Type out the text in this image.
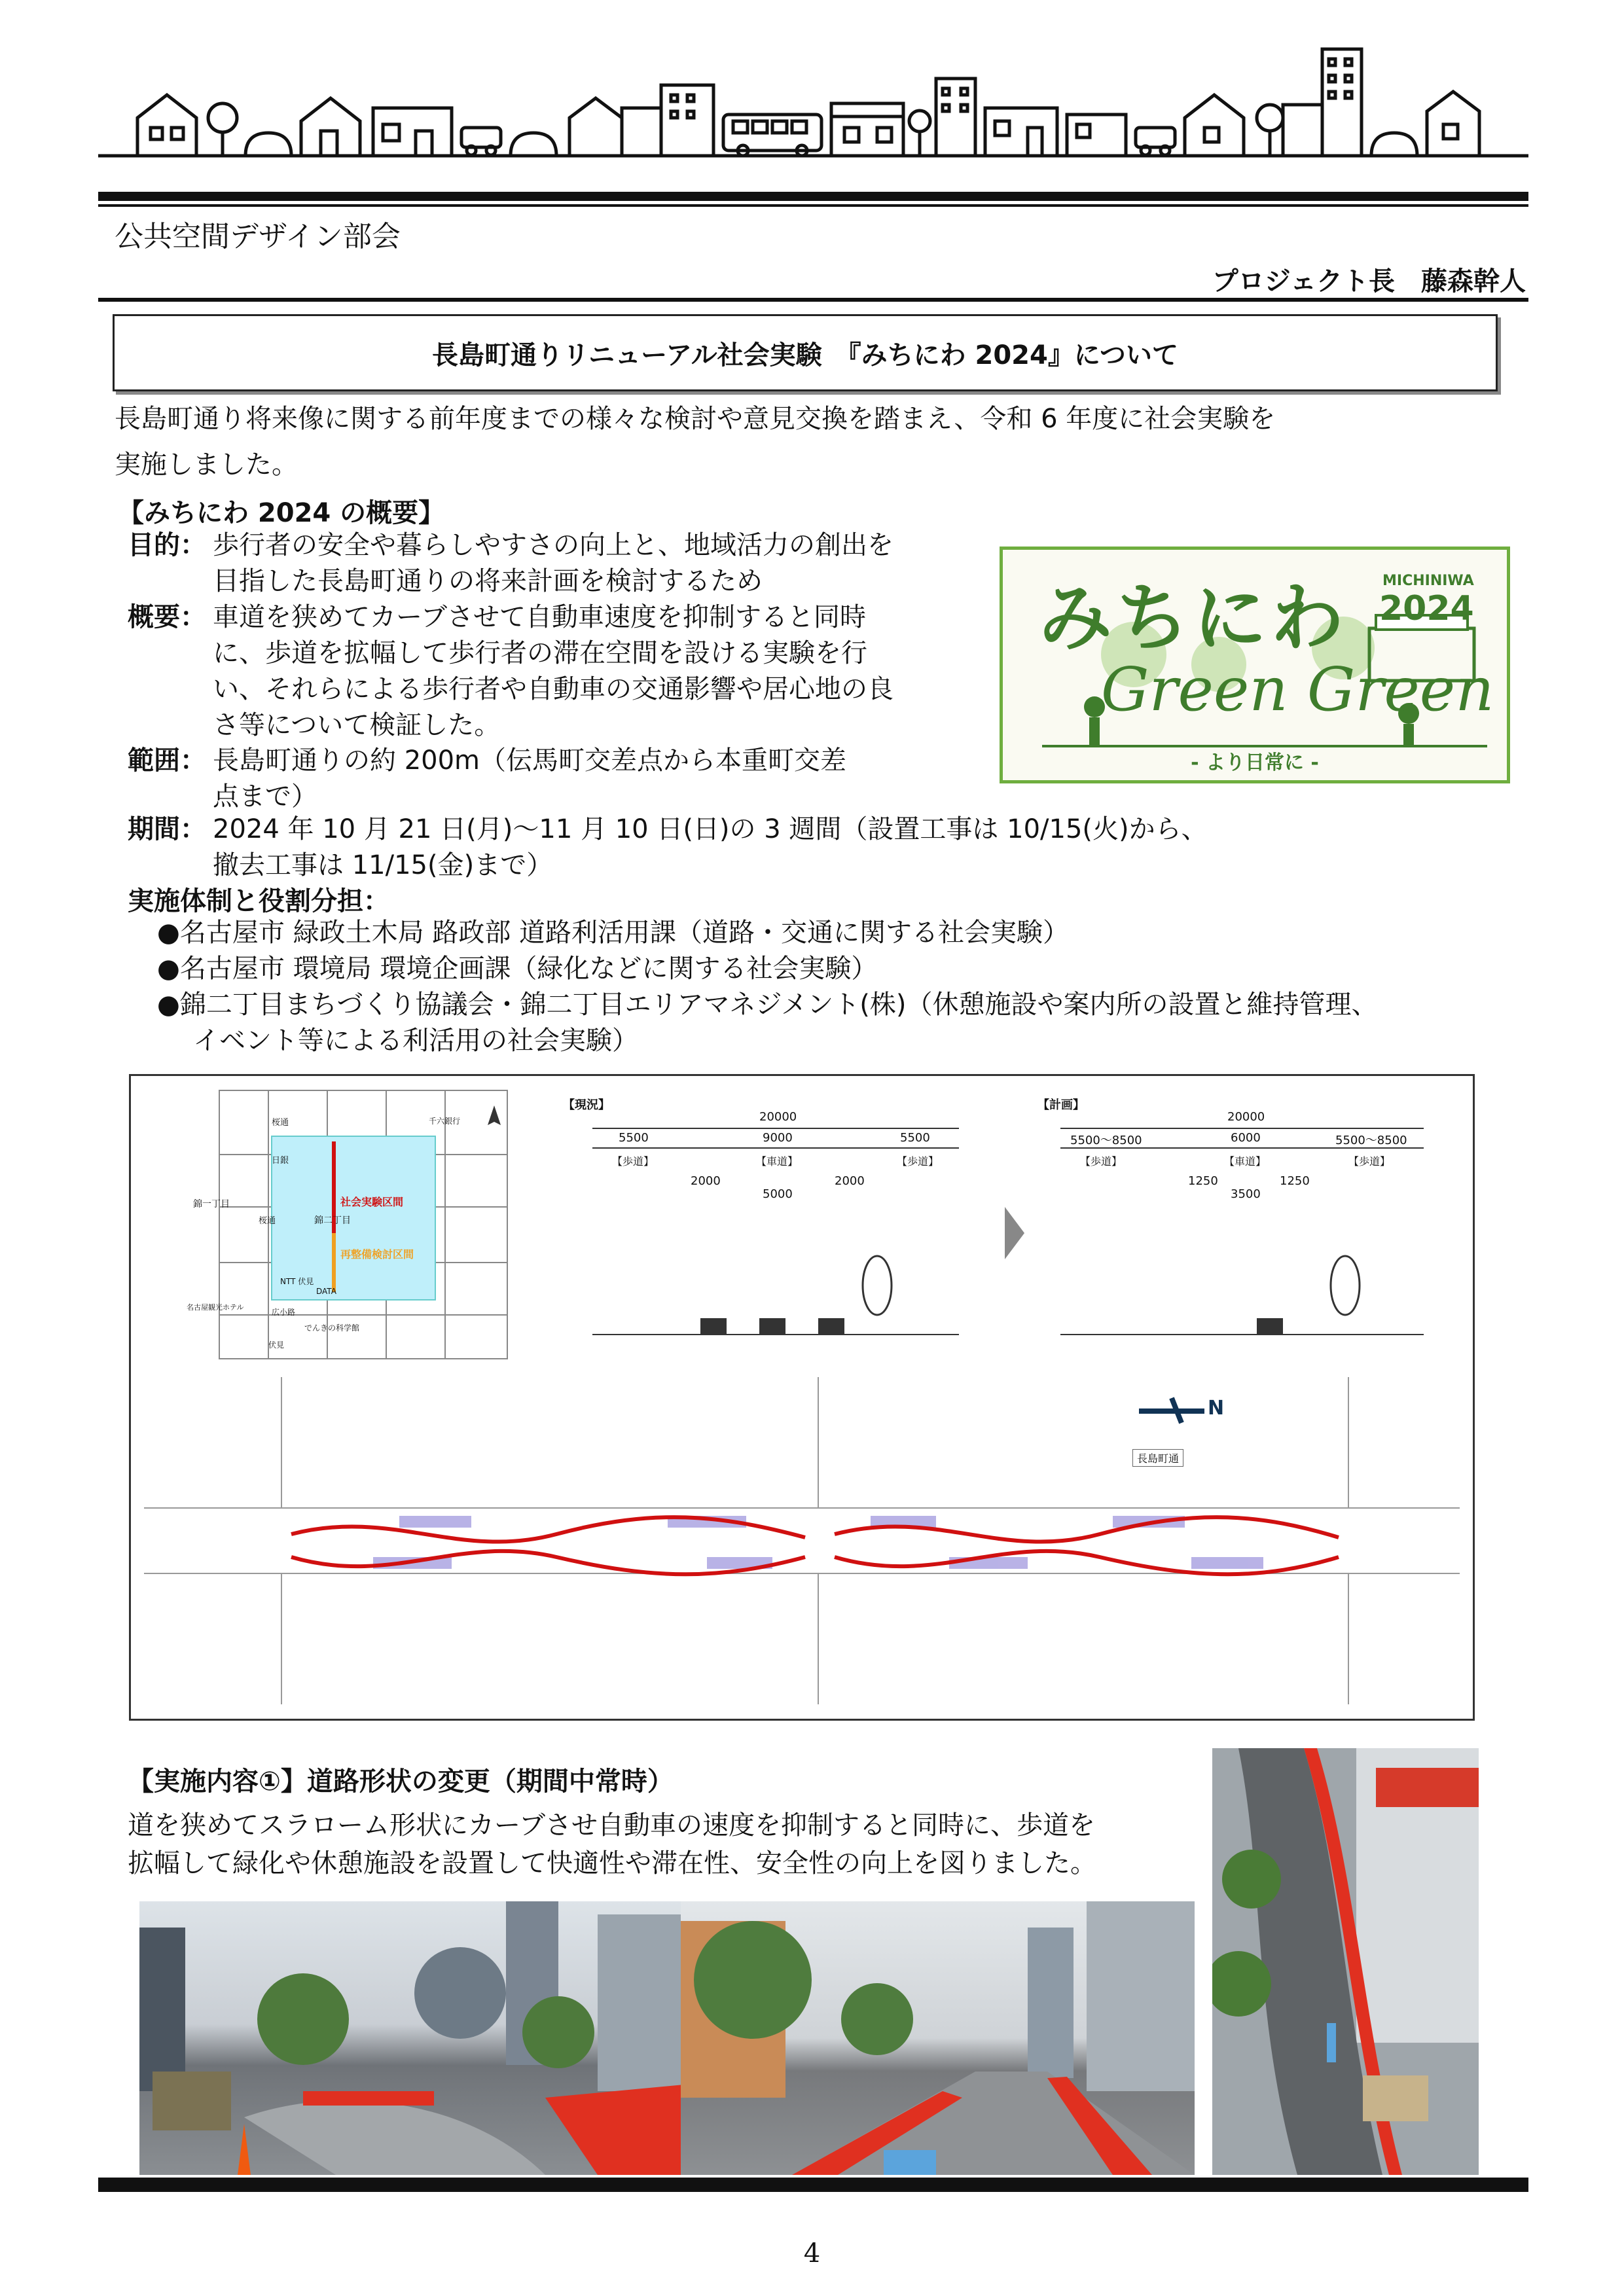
公共空間デザイン部会
プロジェクト長　藤森幹人
長島町通りリニューアル社会実験　『みちにわ 2024』について
長島町通り将来像に関する前年度までの様々な検討や意見交換を踏まえ、令和 6 年度に社会実験を
実施しました。
【みちにわ 2024 の概要】
目的： 歩行者の安全や暮らしやすさの向上と、地域活力の創出を
目指した長島町通りの将来計画を検討するため
概要： 車道を狭めてカーブさせて自動車速度を抑制すると同時
に、歩道を拡幅して歩行者の滞在空間を設ける実験を行
い、それらによる歩行者や自動車の交通影響や居心地の良
さ等について検証した。
範囲： 長島町通りの約 200m（伝馬町交差点から本重町交差
点まで）
期間： 2024 年 10 月 21 日(月)～11 月 10 日(日)の 3 週間（設置工事は 10/15(火)から、
撤去工事は 11/15(金)まで）
実施体制と役割分担：
●名古屋市 緑政土木局 路政部 道路利活用課（道路・交通に関する社会実験）
●名古屋市 環境局 環境企画課（緑化などに関する社会実験）
●錦二丁目まちづくり協議会・錦二丁目エリアマネジメント(株)（休憩施設や案内所の設置と維持管理、
イベント等による利活用の社会実験）
みちにわ MICHINIWA
2024
Green Green
- より日常に -
桜通
日銀
錦一丁目
桜通	錦二丁目
社会実験区間
再整備検討区間
NTT 伏見
DATA
広小路
でんきの科学館
名古屋観光ホテル
伏見
千六銀行
【現況】
20000
5500	9000	5500
【歩道】	【車道】	【歩道】
2000
5000
2000
【計画】
20000
5500～8500	6000	5500～8500
【歩道】	【車道】	【歩道】
1250
3500
1250
長島町通
N
【実施内容①】道路形状の変更（期間中常時）
道を狭めてスラローム形状にカーブさせ自動車の速度を抑制すると同時に、歩道を
拡幅して緑化や休憩施設を設置して快適性や滞在性、安全性の向上を図りました。
4
